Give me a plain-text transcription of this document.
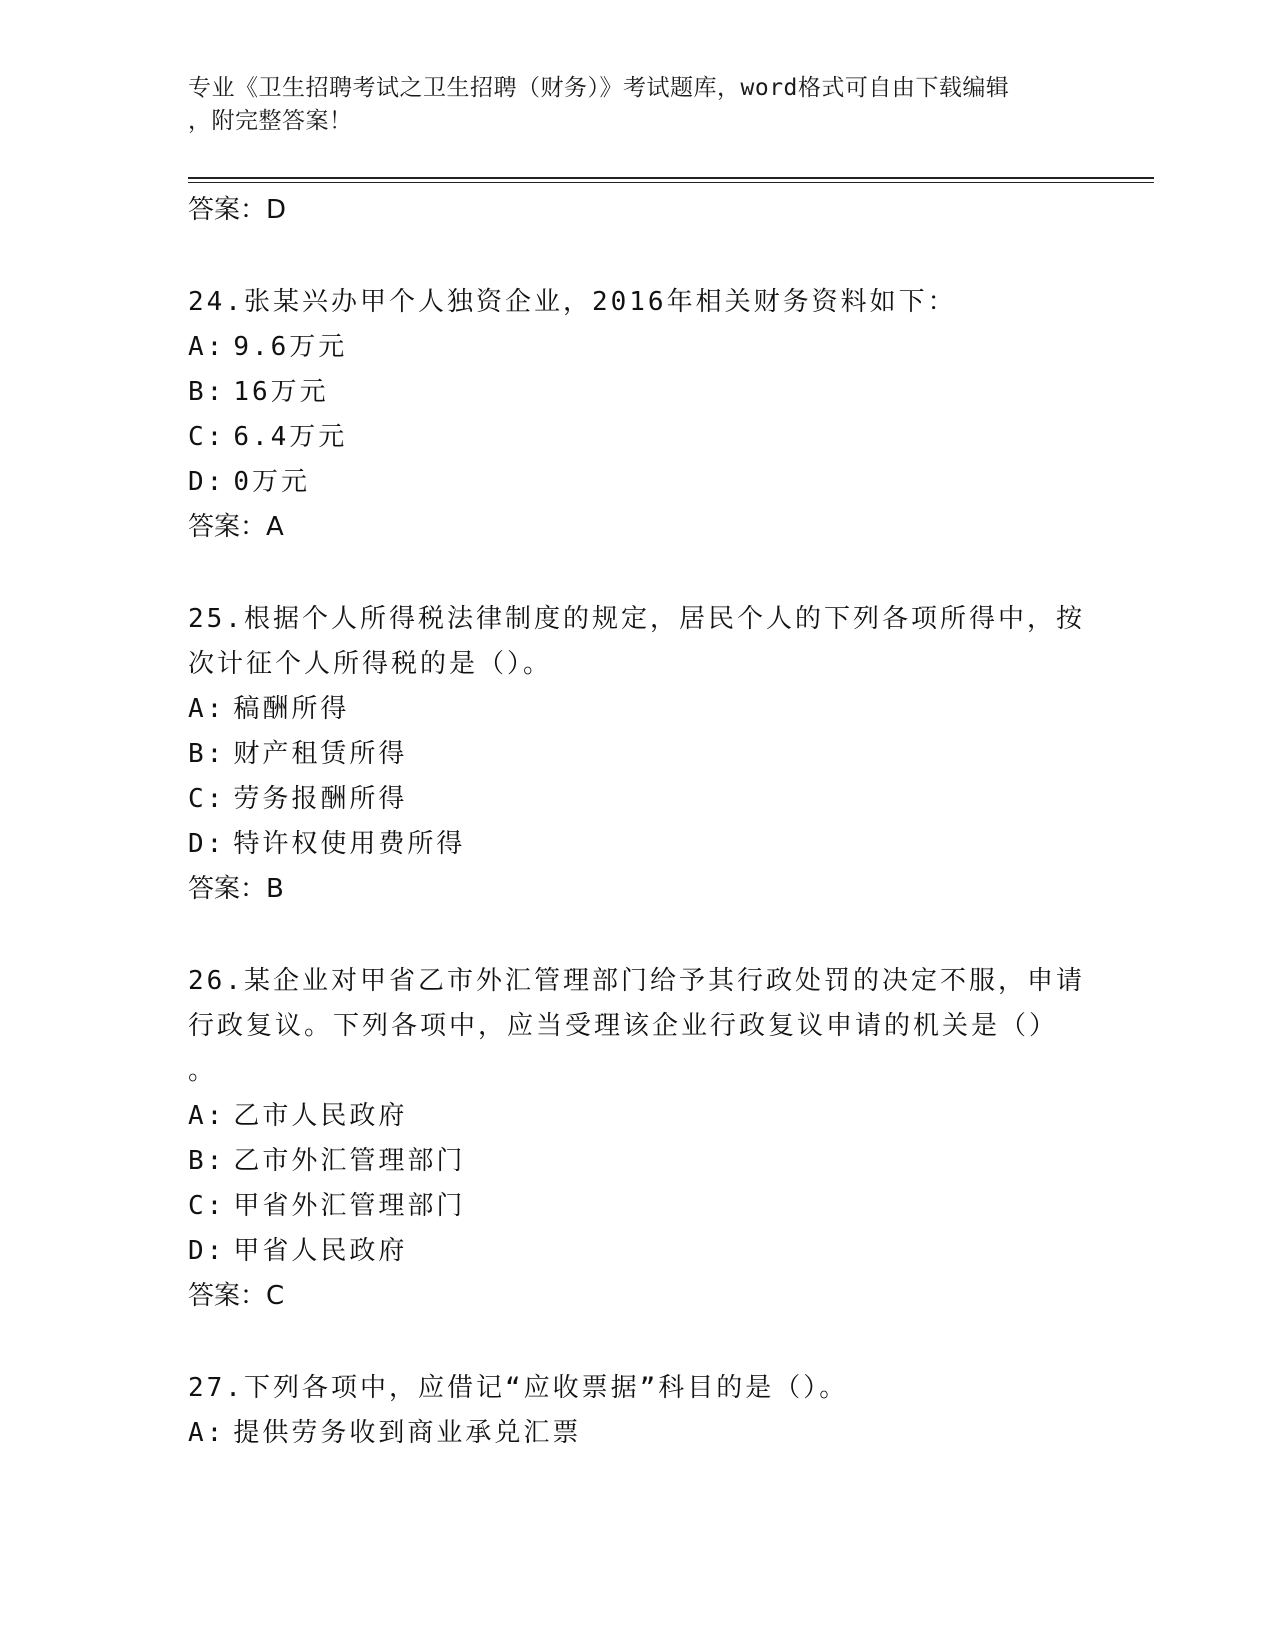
专业《卫生招聘考试之卫生招聘（财务）》考试题库，word格式可自由下载编辑
，附完整答案！
答案：D
24.张某兴办甲个人独资企业，2016年相关财务资料如下：
A: 9.6万元
B: 16万元
C: 6.4万元
D: 0万元
答案：A
25.根据个人所得税法律制度的规定，居民个人的下列各项所得中，按
次计征个人所得税的是（）。
A: 稿酬所得
B: 财产租赁所得
C: 劳务报酬所得
D: 特许权使用费所得
答案：B
26.某企业对甲省乙市外汇管理部门给予其行政处罚的决定不服，申请
行政复议。下列各项中，应当受理该企业行政复议申请的机关是（）
。
A: 乙市人民政府
B: 乙市外汇管理部门
C: 甲省外汇管理部门
D: 甲省人民政府
答案：C
27.下列各项中，应借记“应收票据”科目的是（）。
A: 提供劳务收到商业承兑汇票
